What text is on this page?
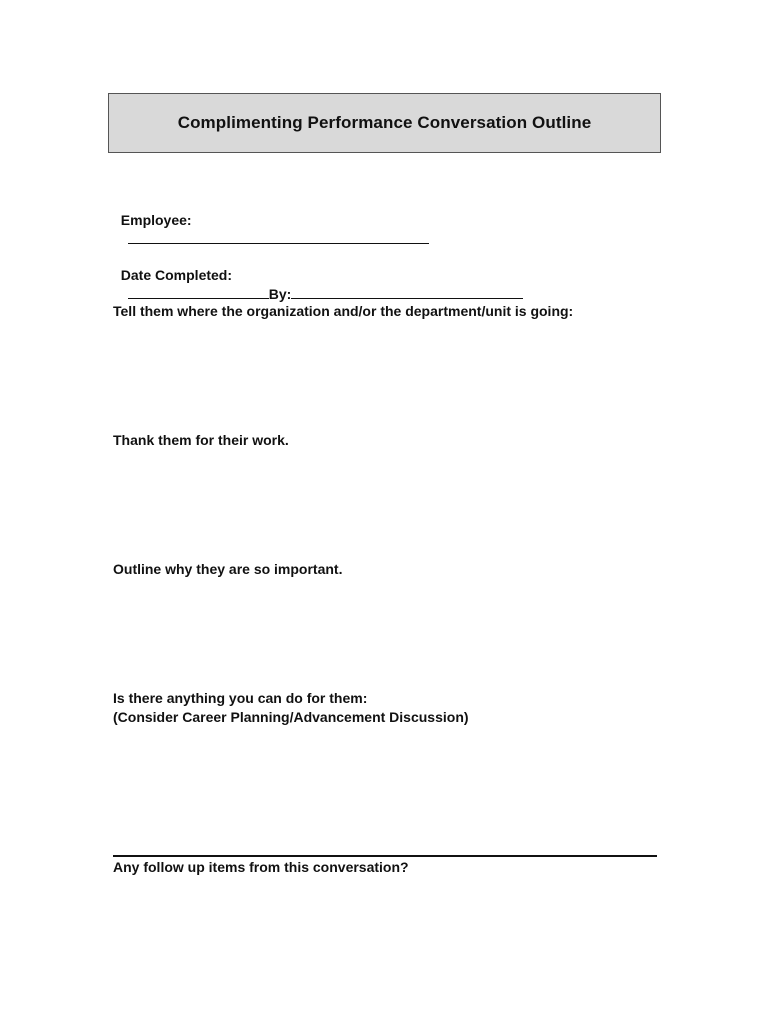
Complimenting Performance Conversation Outline

Employee:

Date Completed:
By:

Tell them where the organization and/or the department/unit is going:
Thank them for their work.
Outline why they are so important.
Is there anything you can do for them:
(Consider Career Planning/Advancement Discussion)
Any follow up items from this conversation?
